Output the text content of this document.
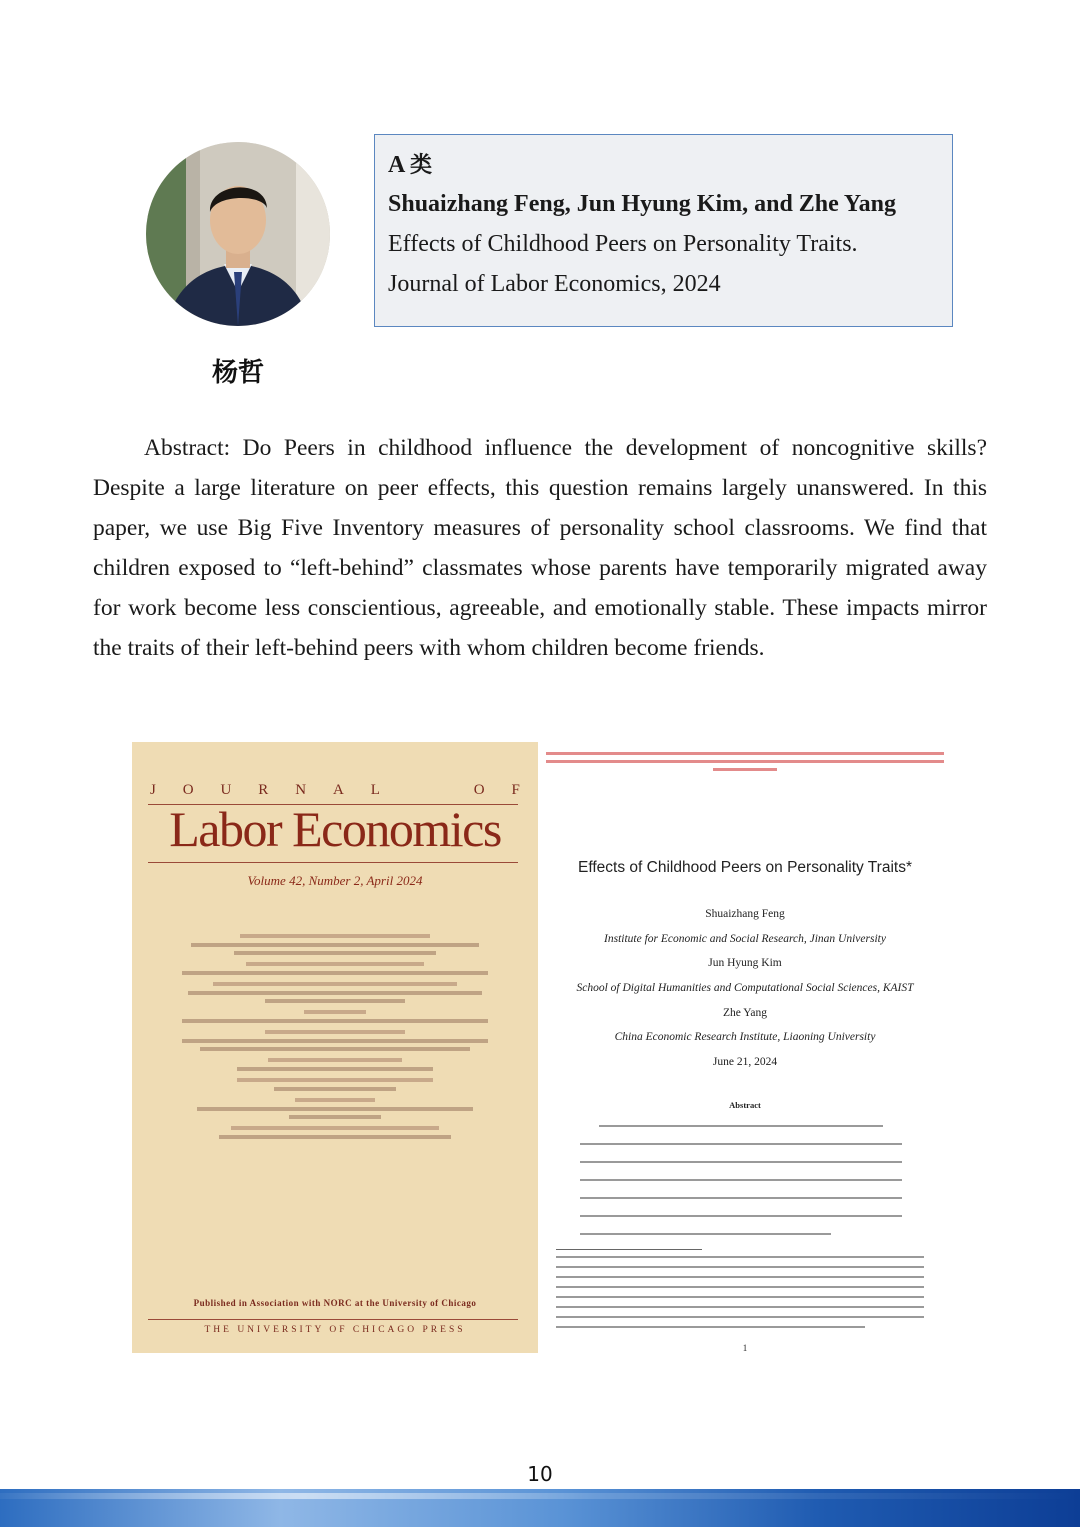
杨哲
A 类
Shuaizhang Feng, Jun Hyung Kim, and Zhe Yang
Effects of Childhood Peers on Personality Traits.
Journal of Labor Economics, 2024

Abstract: Do Peers in childhood influence the development of noncognitive skills? Despite a large literature on peer effects, this question remains largely unanswered. In this paper, we use Big Five Inventory measures of personality school classrooms. We find that children exposed to “left-behind” classmates whose parents have temporarily migrated away for work become less conscientious, agreeable, and emotionally stable. These impacts mirror the traits of their left-behind peers with whom children become friends.

J O U R N A L	O F
Labor Economics
Volume 42, Number 2, April 2024
Published in Association with NORC at the University of Chicago
THE UNIVERSITY OF CHICAGO PRESS
Effects of Childhood Peers on Personality Traits*
Shuaizhang Feng
Institute for Economic and Social Research, Jinan University
Jun Hyung Kim
School of Digital Humanities and Computational Social Sciences, KAIST
Zhe Yang
China Economic Research Institute, Liaoning University
June 21, 2024
Abstract
1
10
